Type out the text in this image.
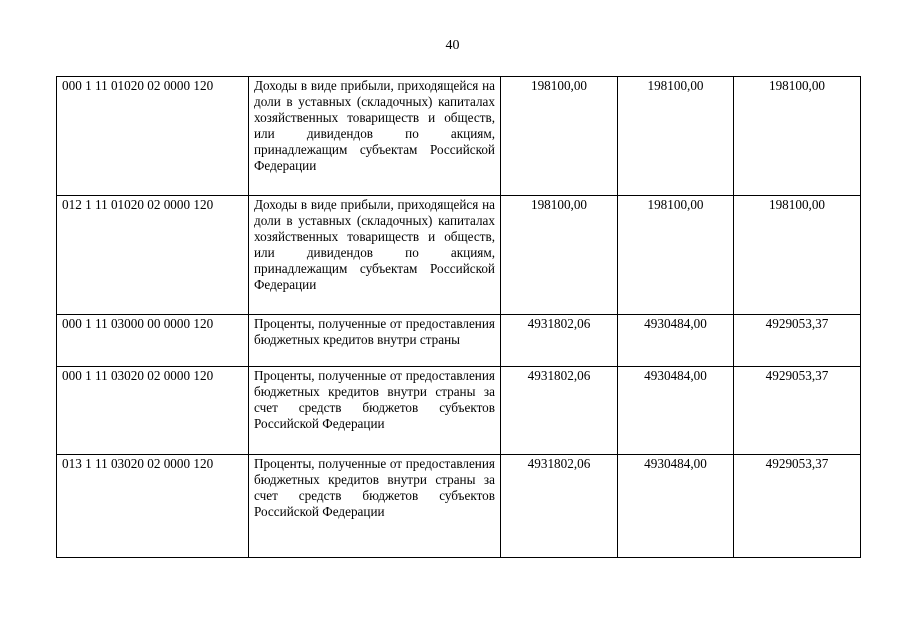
40
000 1 11 01020 02 0000 120	Доходы в виде прибыли, приходящейся на доли в уставных (складочных) капиталах хозяйственных товариществ и обществ, или дивидендов по акциям, принадлежащим субъектам Российской Федерации	198100,00	198100,00	198100,00
012 1 11 01020 02 0000 120	Доходы в виде прибыли, приходящейся на доли в уставных (складочных) капиталах хозяйственных товариществ и обществ, или дивидендов по акциям, принадлежащим субъектам Российской Федерации	198100,00	198100,00	198100,00
000 1 11 03000 00 0000 120	Проценты, полученные от предоставления бюджетных кредитов внутри страны	4931802,06	4930484,00	4929053,37
000 1 11 03020 02 0000 120	Проценты, полученные от предоставления бюджетных кредитов внутри страны за счет средств бюджетов субъектов Российской Федерации	4931802,06	4930484,00	4929053,37
013 1 11 03020 02 0000 120	Проценты, полученные от предоставления бюджетных кредитов внутри страны за счет средств бюджетов субъектов Российской Федерации	4931802,06	4930484,00	4929053,37
